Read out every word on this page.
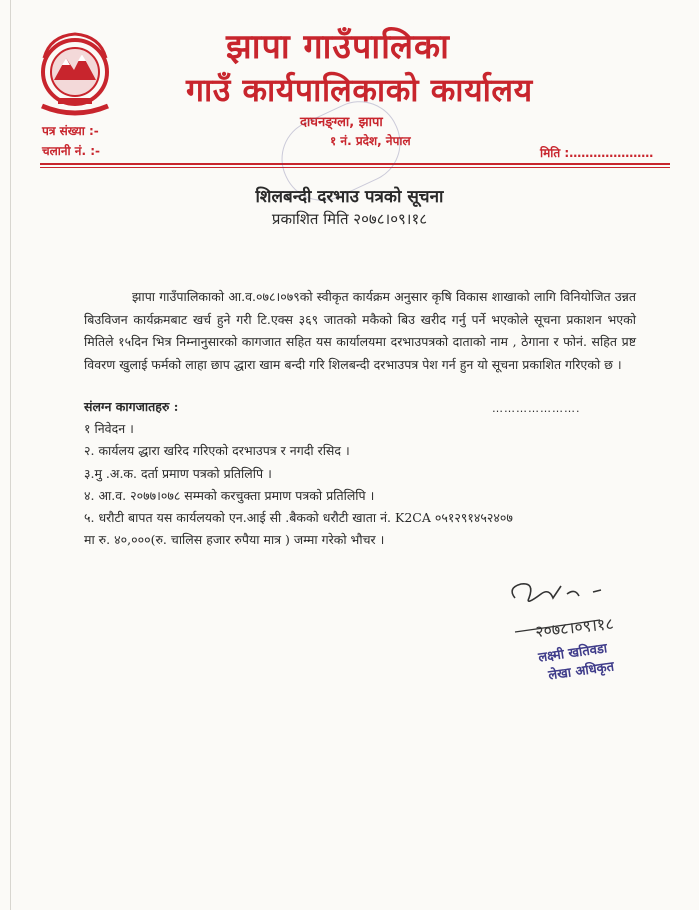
झापा गाउँपालिका
गाउँ कार्यपालिकाको कार्यालय
दाघनङ्ग्ला, झापा
१ नं. प्रदेश, नेपाल
पत्र संख्या :-
चलानी नं. :-	मिति :…………………
शिलबन्दी दरभाउ पत्रको सूचना
प्रकाशित मिति २०७८।०९।१८
झापा गाउँपालिकाको आ.व.०७८।०७९को स्वीकृत कार्यक्रम अनुसार कृषि विकास शाखाको लागि विनियोजित उन्नत बिउविजन कार्यक्रमबाट खर्च हुने गरी टि.एक्स ३६९ जातको मकैको बिउ खरीद गर्नु पर्ने भएकोले सूचना प्रकाशन भएको मितिले १५दिन भित्र निम्नानुसारको कागजात सहित यस कार्यालयमा दरभाउपत्रको दाताको नाम , ठेगाना र फोनं. सहित प्रष्ट विवरण खुलाई फर्मको लाहा छाप द्धारा खाम बन्दी गरि शिलबन्दी दरभाउपत्र पेश गर्न हुन यो सूचना प्रकाशित गरिएको छ ।
संलग्न कागजातहरु :	………………….
१ निवेदन ।
२. कार्यलय द्धारा खरिद गरिएको दरभाउपत्र र नगदी रसिद ।
३.मु .अ.क. दर्ता प्रमाण पत्रको प्रतिलिपि ।
४. आ.व. २०७७।०७८ सम्मको करचुक्ता प्रमाण पत्रको प्रतिलिपि ।
५. धरौटी बापत यस कार्यलयको एन.आई सी .बैकको धरौटी खाता नं. K2CA ०५१२९१४५२४०७
मा रु. ४०,०००(रु. चालिस हजार रुपैया मात्र ) जम्मा गरेको भौचर ।
२०७८।०९।१८
लक्ष्मी खतिवडा
लेखा अधिकृत
